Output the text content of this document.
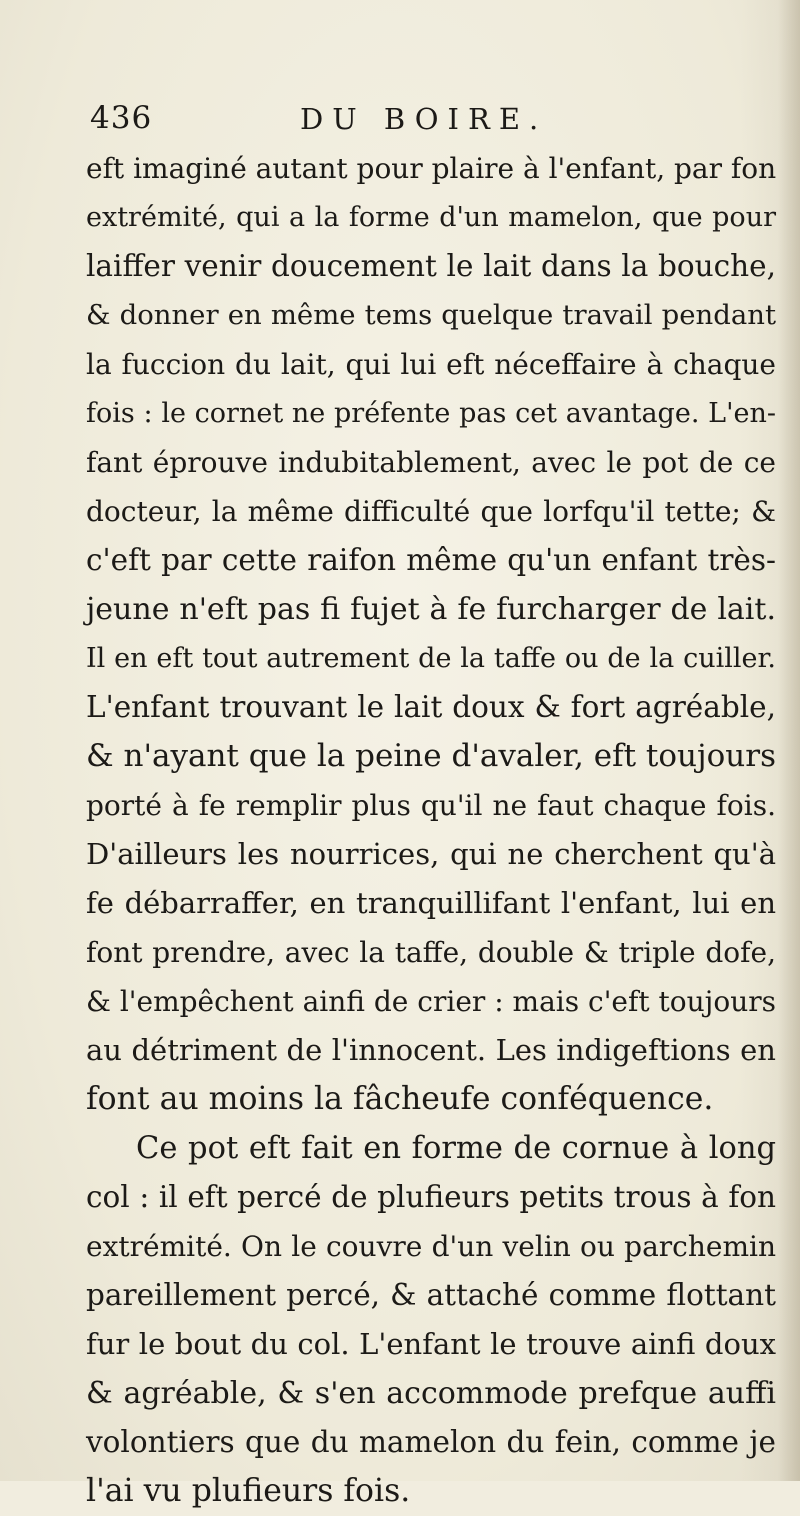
436	DU BOIRE.
eft imaginé autant pour plaire à l'enfant, par fon
extrémité, qui a la forme d'un mamelon, que pour
laiffer venir doucement le lait dans la bouche,
& donner en même tems quelque travail pendant
la fuccion du lait, qui lui eft néceffaire à chaque
fois : le cornet ne préfente pas cet avantage. L'en-
fant éprouve indubitablement, avec le pot de ce
docteur, la même difficulté que lorfqu'il tette; &
c'eft par cette raifon même qu'un enfant très-
jeune n'eft pas fi fujet à fe furcharger de lait.
Il en eft tout autrement de la taffe ou de la cuiller.
L'enfant trouvant le lait doux & fort agréable,
& n'ayant que la peine d'avaler, eft toujours
porté à fe remplir plus qu'il ne faut chaque fois.
D'ailleurs les nourrices, qui ne cherchent qu'à
fe débarraffer, en tranquillifant l'enfant, lui en
font prendre, avec la taffe, double & triple dofe,
& l'empêchent ainfi de crier : mais c'eft toujours
au détriment de l'innocent. Les indigeftions en
font au moins la fâcheufe conféquence.
Ce pot eft fait en forme de cornue à long
col : il eft percé de plufieurs petits trous à fon
extrémité. On le couvre d'un velin ou parchemin
pareillement percé, & attaché comme flottant
fur le bout du col. L'enfant le trouve ainfi doux
& agréable, & s'en accommode prefque auffi
volontiers que du mamelon du fein, comme je
l'ai vu plufieurs fois.
